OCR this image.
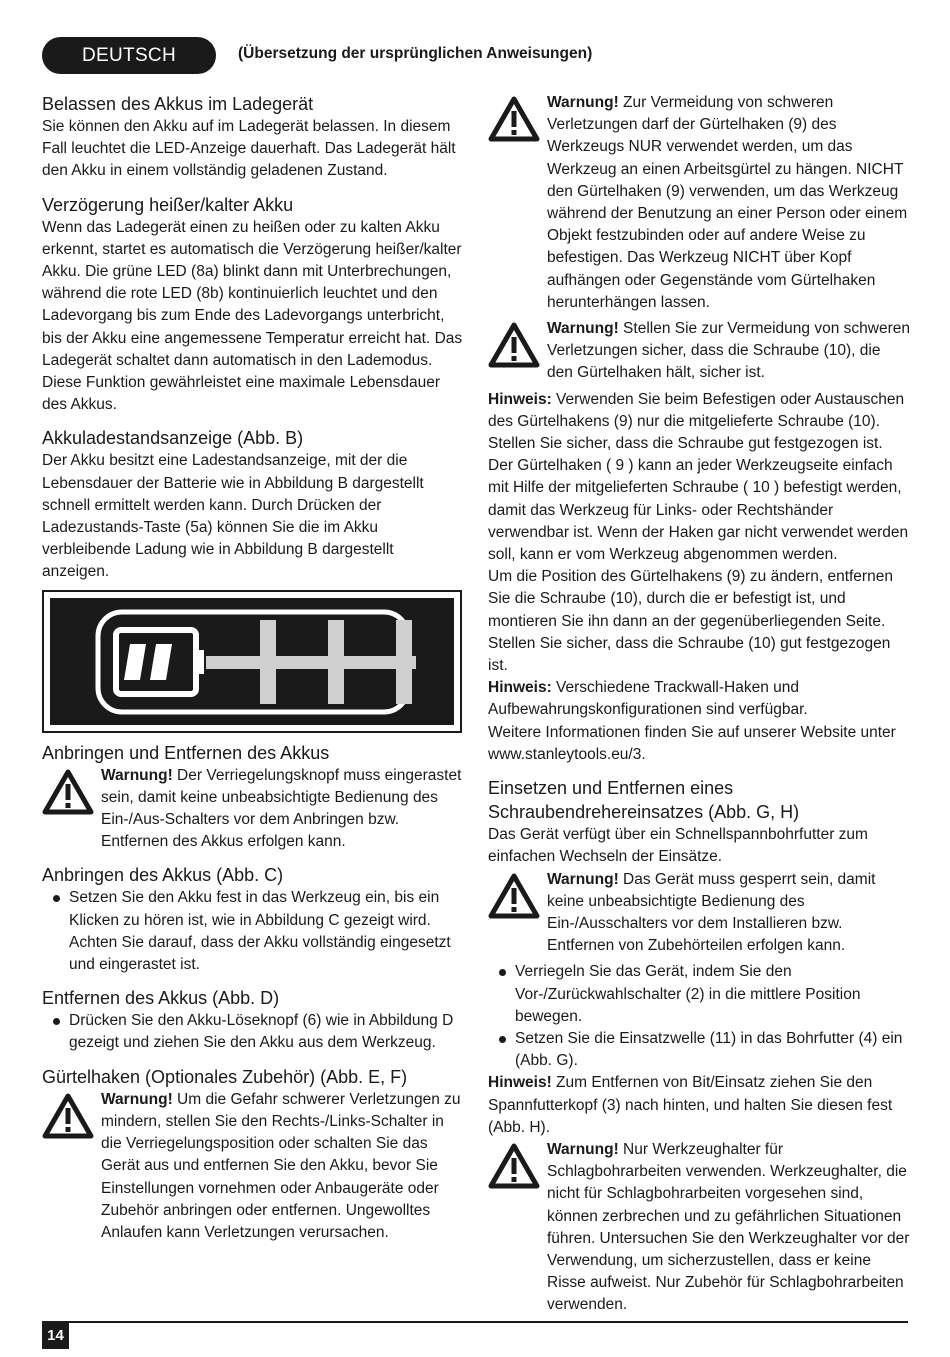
DEUTSCH	(Übersetzung der ursprünglichen Anweisungen)
Belassen des Akkus im Ladegerät

Sie können den Akku auf im Ladegerät belassen. In diesem Fall leuchtet die LED-Anzeige dauerhaft. Das Ladegerät hält den Akku in einem vollständig geladenen Zustand.

Verzögerung heißer/kalter Akku

Wenn das Ladegerät einen zu heißen oder zu kalten Akku erkennt, startet es automatisch die Verzögerung heißer/kalter Akku. Die grüne LED (8a) blinkt dann mit Unterbrechungen, während die rote LED (8b) kontinuierlich leuchtet und den Ladevorgang bis zum Ende des Ladevorgangs unterbricht, bis der Akku eine angemessene Temperatur erreicht hat. Das Ladegerät schaltet dann automatisch in den Lademodus. Diese Funktion gewährleistet eine maximale Lebensdauer des Akkus.

Akkuladestandsanzeige (Abb. B)

Der Akku besitzt eine Ladestandsanzeige, mit der die Lebensdauer der Batterie wie in Abbildung B dargestellt schnell ermittelt werden kann. Durch Drücken der Ladezustands-Taste (5a) können Sie die im Akku verbleibende Ladung wie in Abbildung B dargestellt anzeigen.

Anbringen und Entfernen des Akkus
Warnung! Der Verriegelungsknopf muss eingerastet sein, damit keine unbeabsichtigte Bedienung des Ein-/Aus-Schalters vor dem Anbringen bzw. Entfernen des Akkus erfolgen kann.
Anbringen des Akkus (Abb. C)
Setzen Sie den Akku fest in das Werkzeug ein, bis ein Klicken zu hören ist, wie in Abbildung C gezeigt wird. Achten Sie darauf, dass der Akku vollständig eingesetzt und eingerastet ist.
Entfernen des Akkus (Abb. D)
Drücken Sie den Akku-Löseknopf (6) wie in Abbildung D gezeigt und ziehen Sie den Akku aus dem Werkzeug.
Gürtelhaken (Optionales Zubehör) (Abb. E, F)
Warnung! Um die Gefahr schwerer Verletzungen zu mindern, stellen Sie den Rechts-/Links-Schalter in die Verriegelungsposition oder schalten Sie das Gerät aus und entfernen Sie den Akku, bevor Sie Einstellungen vornehmen oder Anbaugeräte oder Zubehör anbringen oder entfernen. Ungewolltes Anlaufen kann Verletzungen verursachen.
Warnung! Zur Vermeidung von schweren Verletzungen darf der Gürtelhaken (9) des Werkzeugs NUR verwendet werden, um das Werkzeug an einen Arbeitsgürtel zu hängen. NICHT den Gürtelhaken (9) verwenden, um das Werkzeug während der Benutzung an einer Person oder einem Objekt festzubinden oder auf andere Weise zu befestigen. Das Werkzeug NICHT über Kopf aufhängen oder Gegenstände vom Gürtelhaken herunterhängen lassen.
Warnung! Stellen Sie zur Vermeidung von schweren Verletzungen sicher, dass die Schraube (10), die den Gürtelhaken hält, sicher ist.

Hinweis: Verwenden Sie beim Befestigen oder Austauschen des Gürtelhakens (9) nur die mitgelieferte Schraube (10). Stellen Sie sicher, dass die Schraube gut festgezogen ist.

Der Gürtelhaken ( 9 ) kann an jeder Werkzeugseite einfach mit Hilfe der mitgelieferten Schraube ( 10 ) befestigt werden, damit das Werkzeug für Links- oder Rechtshänder verwendbar ist. Wenn der Haken gar nicht verwendet werden soll, kann er vom Werkzeug abgenommen werden.

Um die Position des Gürtelhakens (9) zu ändern, entfernen Sie die Schraube (10), durch die er befestigt ist, und montieren Sie ihn dann an der gegenüberliegenden Seite. Stellen Sie sicher, dass die Schraube (10) gut festgezogen ist.

Hinweis: Verschiedene Trackwall-Haken und Aufbewahrungskonfigurationen sind verfügbar.

Weitere Informationen finden Sie auf unserer Website unter www.stanleytools.eu/3.

Einsetzen und Entfernen eines Schraubendrehereinsatzes (Abb. G, H)

Das Gerät verfügt über ein Schnellspannbohrfutter zum einfachen Wechseln der Einsätze.

Warnung! Das Gerät muss gesperrt sein, damit keine unbeabsichtigte Bedienung des Ein-/Ausschalters vor dem Installieren bzw. Entfernen von Zubehörteilen erfolgen kann.
Verriegeln Sie das Gerät, indem Sie den Vor-/Zurückwahlschalter (2) in die mittlere Position bewegen.
Setzen Sie die Einsatzwelle (11) in das Bohrfutter (4) ein (Abb. G).

Hinweis! Zum Entfernen von Bit/Einsatz ziehen Sie den Spannfutterkopf (3) nach hinten, und halten Sie diesen fest (Abb. H).

Warnung! Nur Werkzeughalter für Schlagbohrarbeiten verwenden. Werkzeughalter, die nicht für Schlagbohrarbeiten vorgesehen sind, können zerbrechen und zu gefährlichen Situationen führen. Untersuchen Sie den Werkzeughalter vor der Verwendung, um sicherzustellen, dass er keine Risse aufweist. Nur Zubehör für Schlagbohrarbeiten verwenden.
14
